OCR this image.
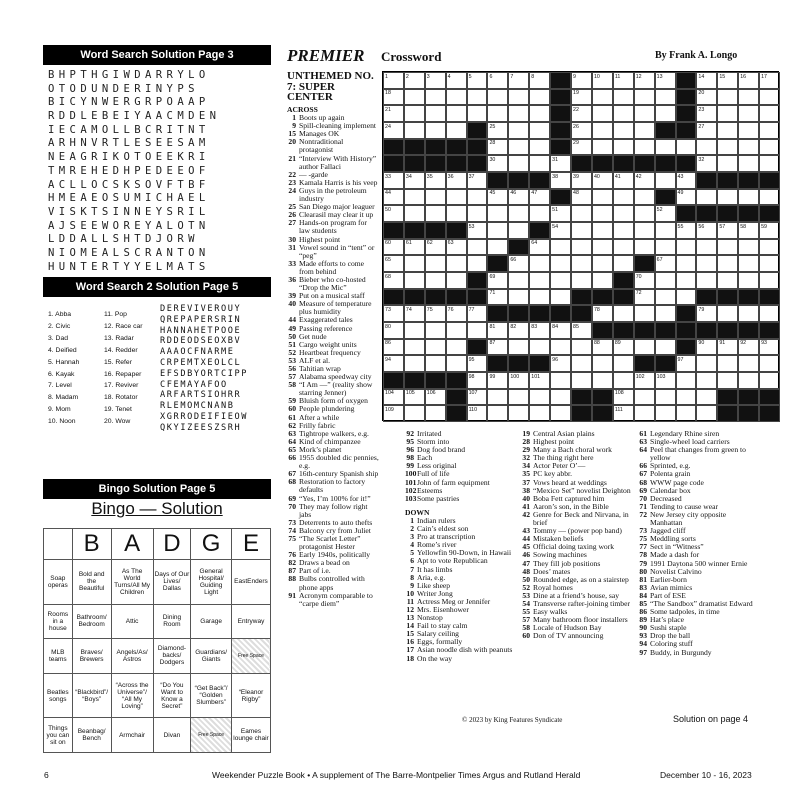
Word Search Solution Page 3
BHPTHGIWDARRYLO
OTODUNDERINYPS
BICYNWERGRPOAAP
RDDLEBEIYAACMDEN
IECAMOLLBCRITNT
ARHNVRTLESEESAM
NEAGRIKOTOEEKRI
TMREHEDHPEDEEOF
ACLLOCSKSOVFTBF
HMEAEOSUMICHAEL
VISKTSINNEYSRIL
AJSEEWOREYALOTN
LDDALLSHTDJORW
NIOMEALSCRANTON
HUNTERTYYELMATS
Word Search 2 Solution Page 5
1. Abba
2. Civic
3. Dad
4. Deified
5. Hannah
6. Kayak
7. Level
8. Madam
9. Mom
10. Noon
11. Pop
12. Race car
13. Radar
14. Redder
15. Refer
16. Repaper
17. Reviver
18. Rotator
19. Tenet
20. Wow
DEREVIVEROUY
QREPAPERSRIN
HANNAHETPOOE
RDDEODSEOXBV
AAAOCFNARME
CRPEMTXEOLCL
EFSDBYORTCIPP
CFEMAYAFOO
ARFARTSIOHRR
RLEMOMCNANB
XGRRODEIFIEOW
QKYIZEESZSRH
Bingo Solution Page 5
Bingo — Solution
	B	A	D	G	E
Soap operas	Bold and the Beautiful	As The World Turns/All My Children	Days of Our Lives/ Dallas	General Hospital/ Guiding Light	EastEnders
Rooms in a house	Bathroom/ Bedroom	Attic	Dining Room	Garage	Entryway
MLB teams	Braves/ Brewers	Angels/As/ Astros	Diamond- backs/ Dodgers	Guardians/ Giants	Free Space
Beatles songs	“Blackbird”/ “Boys”	“Across the Universe”/ “All My Loving”	“Do You Want to Know a Secret”	“Get Back”/ “Golden Slumbers”	“Eleanor Rigby”
Things you can sit on	Beanbag/ Bench	Armchair	Divan	Free Space	Eames lounge chair
PREMIER Crossword	By Frank A. Longo
UNTHEMED NO. 7: SUPER CENTER
ACROSS
1 Boots up again
9 Spill-cleaning implement
15 Manages OK
20 Nontraditional protagonist
21 “Interview With History” author Fallaci
22 — -garde
23 Kamala Harris is his veep
24 Guys in the petroleum industry
25 San Diego major leaguer
26 Clearasil may clear it up
27 Hands-on program for law students
30 Highest point
31 Vowel sound in “tent” or “peg”
33 Made efforts to come from behind
36 Bieber who co-hosted “Drop the Mic”
39 Put on a musical staff
40 Measure of temperature plus humidity
44 Exaggerated tales
49 Passing reference
50 Get nude
51 Cargo weight units
52 Heartbeat frequency
53 ALF et al.
56 Tahitian wrap
57 Alabama speedway city
58 “I Am —” (reality show starring Jenner)
59 Bluish form of oxygen
60 People plundering
61 After a while
62 Frilly fabric
63 Tightrope walkers, e.g.
64 Kind of chimpanzee
65 Mork’s planet
66 1955 doubled dic pennies, e.g.
67 16th-century Spanish ship
68 Restoration to factory defaults
69 “Yes, I’m 100% for it!”
70 They may follow right jabs
73 Deterrents to auto thefts
74 Balcony cry from Juliet
75 “The Scarlet Letter” protagonist Hester
76 Early 1940s, politically
82 Draws a bead on
87 Part of i.e.
88 Bulbs controlled with phone apps
91 Acronym comparable to “carpe diem”
92 Irritated
95 Storm into
96 Dog food brand
98 Each
99 Less original
100Full of life
101John of farm equipment
102Esteems
103Some pastries
DOWN
1 Indian rulers
2 Cain’s eldest son
3 Pro at transcription
4 Rome’s river
5 Yellowfin 90-Down, in Hawaii
6 Apt to vote Republican
7 It has limbs
8 Aria, e.g.
9 Like sheep
10 Writer Jong
11 Actress Meg or Jennifer
12 Mrs. Eisenhower
13 Nonstop
14 Fail to stay calm
15 Salary ceiling
16 Eggs, formally
17 Asian noodle dish with peanuts
18 On the way
19 Central Asian plains
28 Highest point
29 Many a Bach choral work
32 The thing right here
34 Actor Peter O’—
35 PC key abbr.
37 Vows heard at weddings
38 “Mexico Set” novelist Deighton
40 Boba Fett captured him
41 Aaron’s son, in the Bible
42 Genre for Beck and Nirvana, in brief
43 Tommy — (power pop band)
44 Mistaken beliefs
45 Official doing taxing work
46 Sowing machines
47 They fill job positions
48 Does’ mates
50 Rounded edge, as on a stairstep
52 Royal homes
53 Dine at a friend’s house, say
54 Transverse rafter-joining timber
55 Easy walks
57 Many bathroom floor installers
58 Locale of Hudson Bay
60 Don of TV announcing
61 Legendary Rhine siren
63 Single-wheel load carriers
64 Peel that changes from green to yellow
66 Sprinted, e.g.
67 Polenta grain
68 WWW page code
69 Calendar box
70 Decreased
71 Tending to cause wear
72 New Jersey city opposite Manhattan
73 Jagged cliff
75 Meddling sorts
77 Sect in “Witness”
78 Made a dash for
79 1991 Daytona 500 winner Ernie
80 Novelist Calvino
81 Earlier-born
83 Avian mimics
84 Part of ESE
85 “The Sandbox” dramatist Edward
86 Some tadpoles, in time
89 Hat’s place
90 Sushi staple
93 Drop the ball
94 Coloring stuff
97 Buddy, in Burgundy
1	2	3	4	5	6	7	8	9	10	11	12	13	14	15	16	17
18	19	20
21	22	23
24	25	26	27
28	29
30	31	32
33	34	35	36	37	38	39	40	41	42	43
44	45	46	47	48	49
50	51	52
53	54	55	56	57	58	59
60	61	62	63	64
65	66	67
68	69	70
71	72
73	74	75	76	77	78	79
80	81	82	83	84	85
86	87	88	89	90	91	92	93
94	95	96	97
98	99	100	101	102	103
104	105	106	107	108
109	110	111
© 2023 by King Features Syndicate	Solution on page 4
6	Weekender Puzzle Book • A supplement of The Barre-Montpelier Times Argus and Rutland Herald	December 10 - 16, 2023
